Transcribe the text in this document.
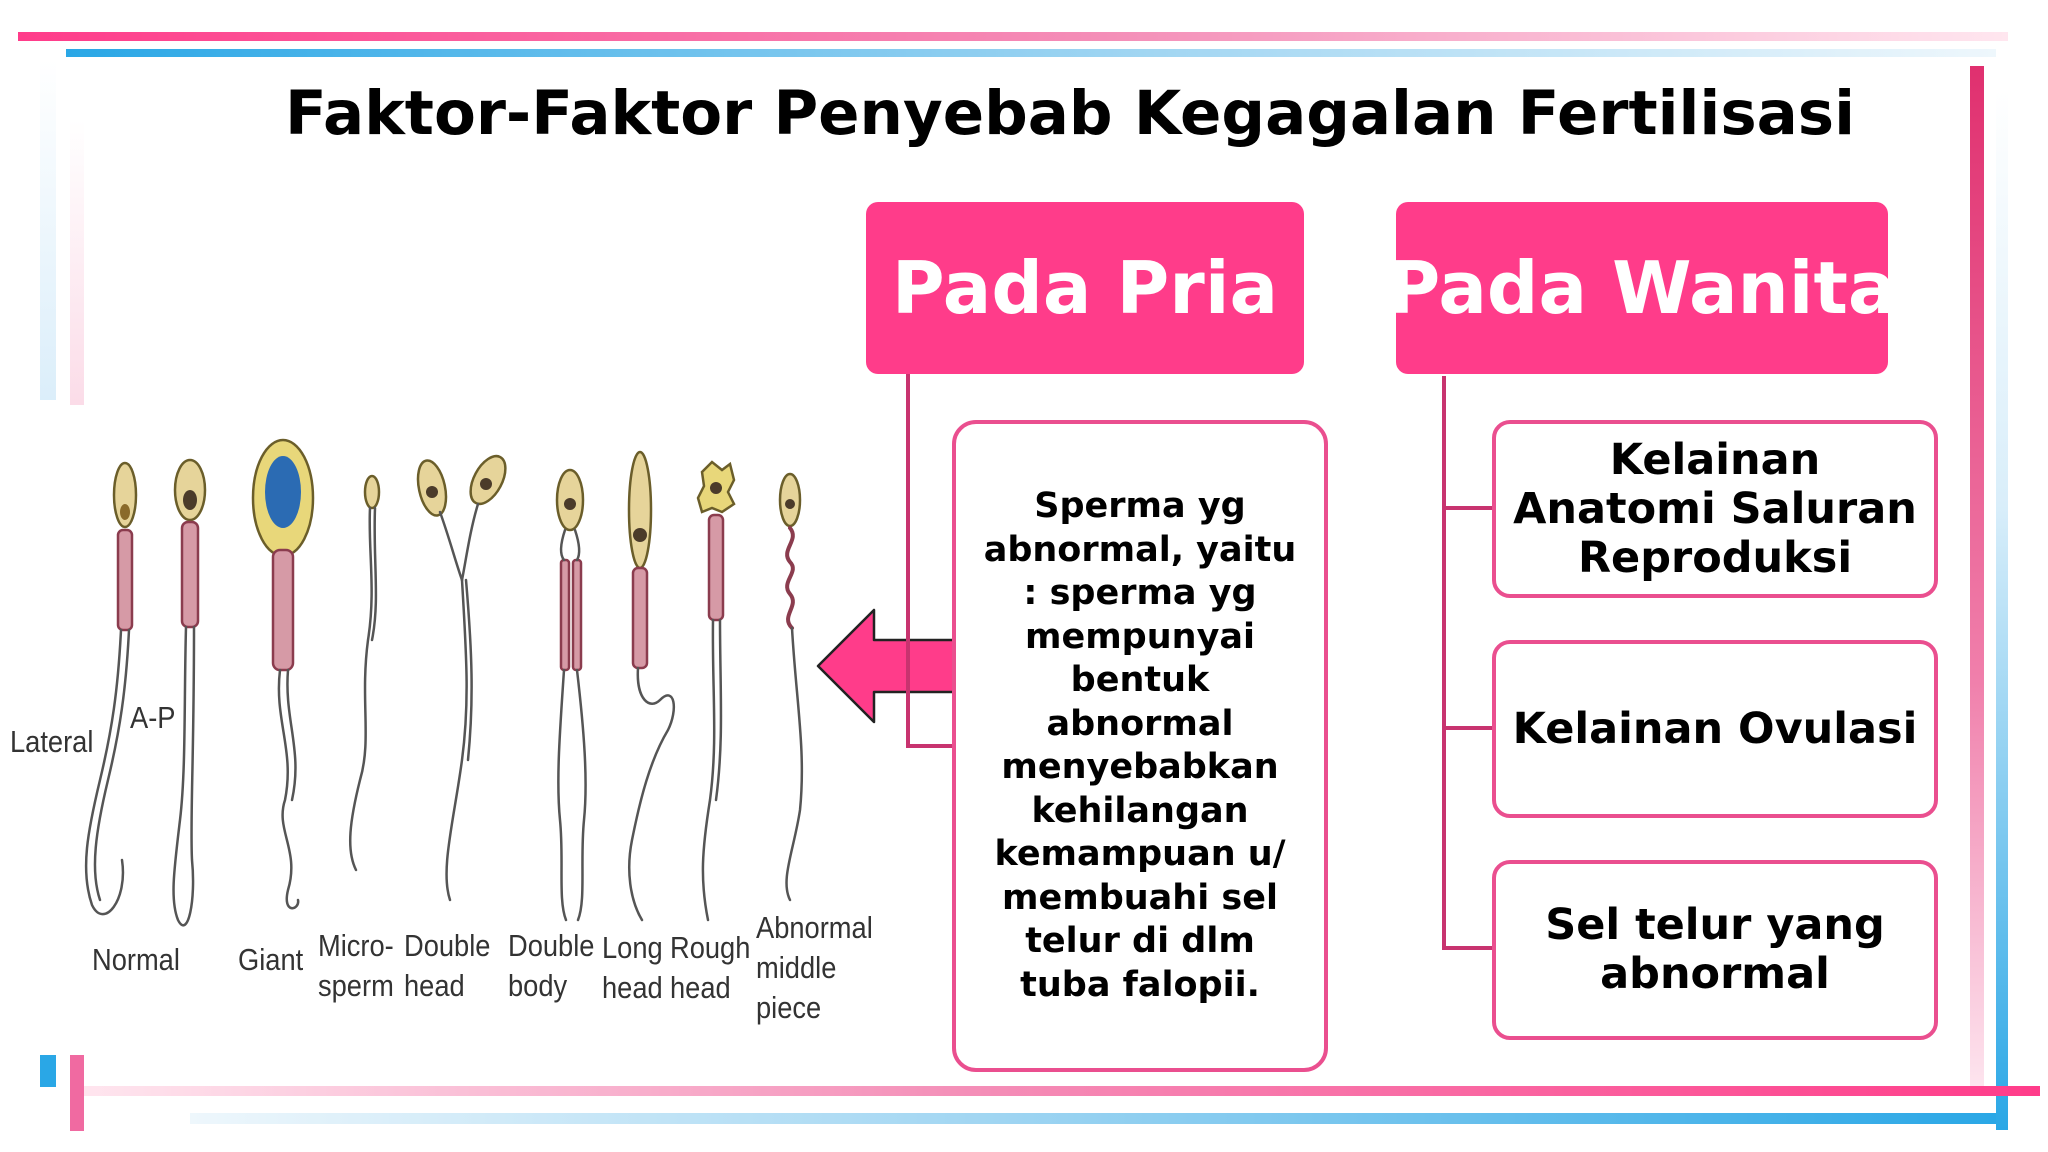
Faktor-Faktor Penyebab Kegagalan Fertilisasi
Lateral
A-P
Normal Giant Micro- sperm
Double head
Double body
Long head
Rough head
Abnormal middle piece
Pada Pria
Sperma yg abnormal, yaitu : sperma yg mempunyai bentuk abnormal menyebabkan kehilangan kemampuan u/ membuahi sel telur di dlm tuba falopii.
Pada Wanita
Kelainan Anatomi Saluran Reproduksi
Kelainan Ovulasi
Sel telur yang abnormal
